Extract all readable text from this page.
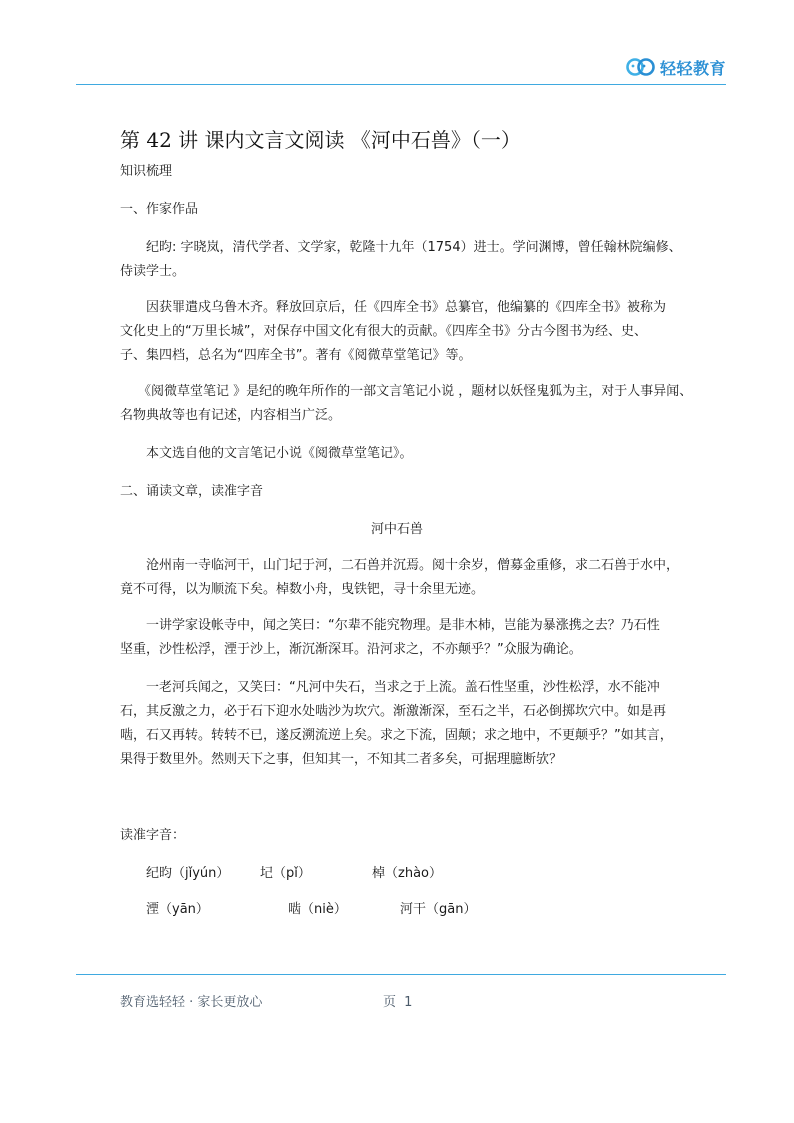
轻轻教育
第 42 讲 课内文言文阅读 《河中石兽》（一）
知识梳理
一、作家作品
纪昀: 字晓岚，清代学者、文学家，乾隆十九年（1754）进士。学问渊博，曾任翰林院编修、
侍读学士。
因获罪遣戍乌鲁木齐。释放回京后，任《四库全书》总纂官，他编纂的《四库全书》被称为
文化史上的“万里长城”，对保存中国文化有很大的贡献。《四库全书》分古今图书为经、史、
子、集四档，总名为“四库全书”。著有《阅微草堂笔记》等。
《阅微草堂笔记 》是纪的晚年所作的一部文言笔记小说 ，题材以妖怪鬼狐为主，对于人事异闻、
名物典故等也有记述，内容相当广泛。
本文选自他的文言笔记小说《阅微草堂笔记》。
二、诵读文章，读准字音
河中石兽
沧州南一寺临河干，山门圮于河，二石兽并沉焉。阅十余岁，僧募金重修，求二石兽于水中，
竟不可得，以为顺流下矣。棹数小舟，曳铁钯，寻十余里无迹。
一讲学家设帐寺中，闻之笑曰：“尔辈不能究物理。是非木杮，岂能为暴涨携之去？乃石性
坚重，沙性松浮，湮于沙上，渐沉渐深耳。沿河求之，不亦颠乎？”众服为确论。
一老河兵闻之，又笑曰：“凡河中失石，当求之于上流。盖石性坚重，沙性松浮，水不能冲
石，其反激之力，必于石下迎水处啮沙为坎穴。渐激渐深，至石之半，石必倒掷坎穴中。如是再
啮，石又再转。转转不已，遂反溯流逆上矣。求之下流，固颠；求之地中，不更颠乎？”如其言，
果得于数里外。然则天下之事，但知其一，不知其二者多矣，可据理臆断欤？
读准字音：
纪昀（jǐyún） 圮（pǐ）	棹（zhào）
湮（yān）	啮（niè）	河干（gān）
教育选轻轻 · 家长更放心	页 1
